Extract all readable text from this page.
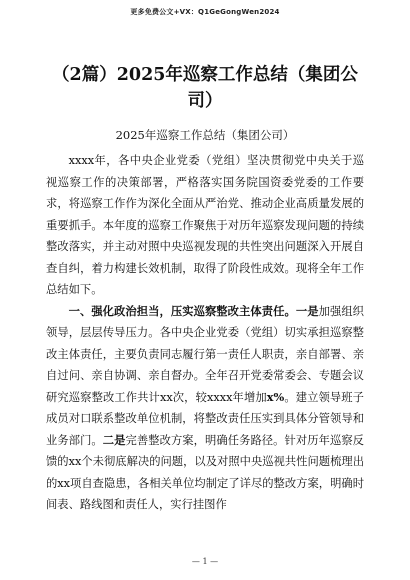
更多免费公文+VX：Q1GeGongWen2024
（2篇）2025年巡察工作总结（集团公司）
2025年巡察工作总结（集团公司）

xxxx年，各中央企业党委（党组）坚决贯彻党中央关于巡视巡察工作的决策部署，严格落实国务院国资委党委的工作要求，将巡察工作作为深化全面从严治党、推动企业高质量发展的重要抓手。本年度的巡察工作聚焦于对历年巡察发现问题的持续整改落实，并主动对照中央巡视发现的共性突出问题深入开展自查自纠，着力构建长效机制，取得了阶段性成效。现将全年工作总结如下。

一、强化政治担当，压实巡察整改主体责任。一是加强组织领导，层层传导压力。各中央企业党委（党组）切实承担巡察整改主体责任，主要负责同志履行第一责任人职责，亲自部署、亲自过问、亲自协调、亲自督办。全年召开党委常委会、专题会议研究巡察整改工作共计xx次，较xxxx年增加x%。建立领导班子成员对口联系整改单位机制，将整改责任压实到具体分管领导和业务部门。二是完善整改方案，明确任务路径。针对历年巡察反馈的xx个未彻底解决的问题，以及对照中央巡视共性问题梳理出的xx项自查隐患，各相关单位均制定了详尽的整改方案，明确时间表、路线图和责任人，实行挂图作

— 1 —
